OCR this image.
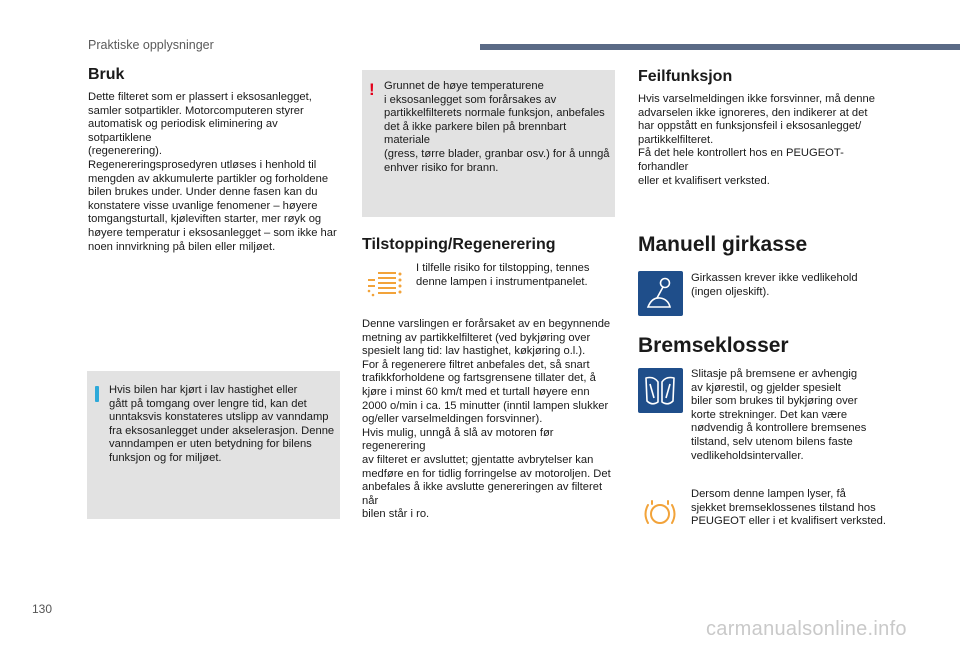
Praktiske opplysninger
Bruk
Dette filteret som er plassert i eksosanlegget,
samler sotpartikler. Motorcomputeren styrer
automatisk og periodisk eliminering av sotpartiklene
(regenerering).
Regenereringsprosedyren utløses i henhold til
mengden av akkumulerte partikler og forholdene
bilen brukes under. Under denne fasen kan du
konstatere visse uvanlige fenomener – høyere
tomgangsturtall, kjøleviften starter, mer røyk og
høyere temperatur i eksosanlegget – som ikke har
noen innvirkning på bilen eller miljøet.
Hvis bilen har kjørt i lav hastighet eller
gått på tomgang over lengre tid, kan det
unntaksvis konstateres utslipp av vanndamp
fra eksosanlegget under akselerasjon. Denne
vanndampen er uten betydning for bilens
funksjon og for miljøet.
! Grunnet de høye temperaturene
i eksosanlegget som forårsakes av
partikkelfilterets normale funksjon, anbefales
det å ikke parkere bilen på brennbart materiale
(gress, tørre blader, granbar osv.) for å unngå
enhver risiko for brann.
Tilstopping/Regenerering
I tilfelle risiko for tilstopping, tennes
denne lampen i instrumentpanelet.
Denne varslingen er forårsaket av en begynnende
metning av partikkelfilteret (ved bykjøring over
spesielt lang tid: lav hastighet, køkjøring o.l.).
For å regenerere filtret anbefales det, så snart
trafikkforholdene og fartsgrensene tillater det, å
kjøre i minst 60 km/t med et turtall høyere enn
2000 o/min i ca. 15 minutter (inntil lampen slukker
og/eller varselmeldingen forsvinner).
Hvis mulig, unngå å slå av motoren før regenerering
av filteret er avsluttet; gjentatte avbrytelser kan
medføre en for tidlig forringelse av motoroljen. Det
anbefales å ikke avslutte genereringen av filteret når
bilen står i ro.
Feilfunksjon
Hvis varselmeldingen ikke forsvinner, må denne
advarselen ikke ignoreres, den indikerer at det
har oppstått en funksjonsfeil i eksosanlegget/
partikkelfilteret.
Få det hele kontrollert hos en PEUGEOT-forhandler
eller et kvalifisert verksted.
Manuell girkasse
Girkassen krever ikke vedlikehold
(ingen oljeskift).
Bremseklosser
Slitasje på bremsene er avhengig
av kjørestil, og gjelder spesielt
biler som brukes til bykjøring over
korte strekninger. Det kan være
nødvendig å kontrollere bremsenes
tilstand, selv utenom bilens faste
vedlikeholdsintervaller.
Dersom denne lampen lyser, få
sjekket bremseklossenes tilstand hos
PEUGEOT eller i et kvalifisert verksted.
130
carmanualsonline.info
